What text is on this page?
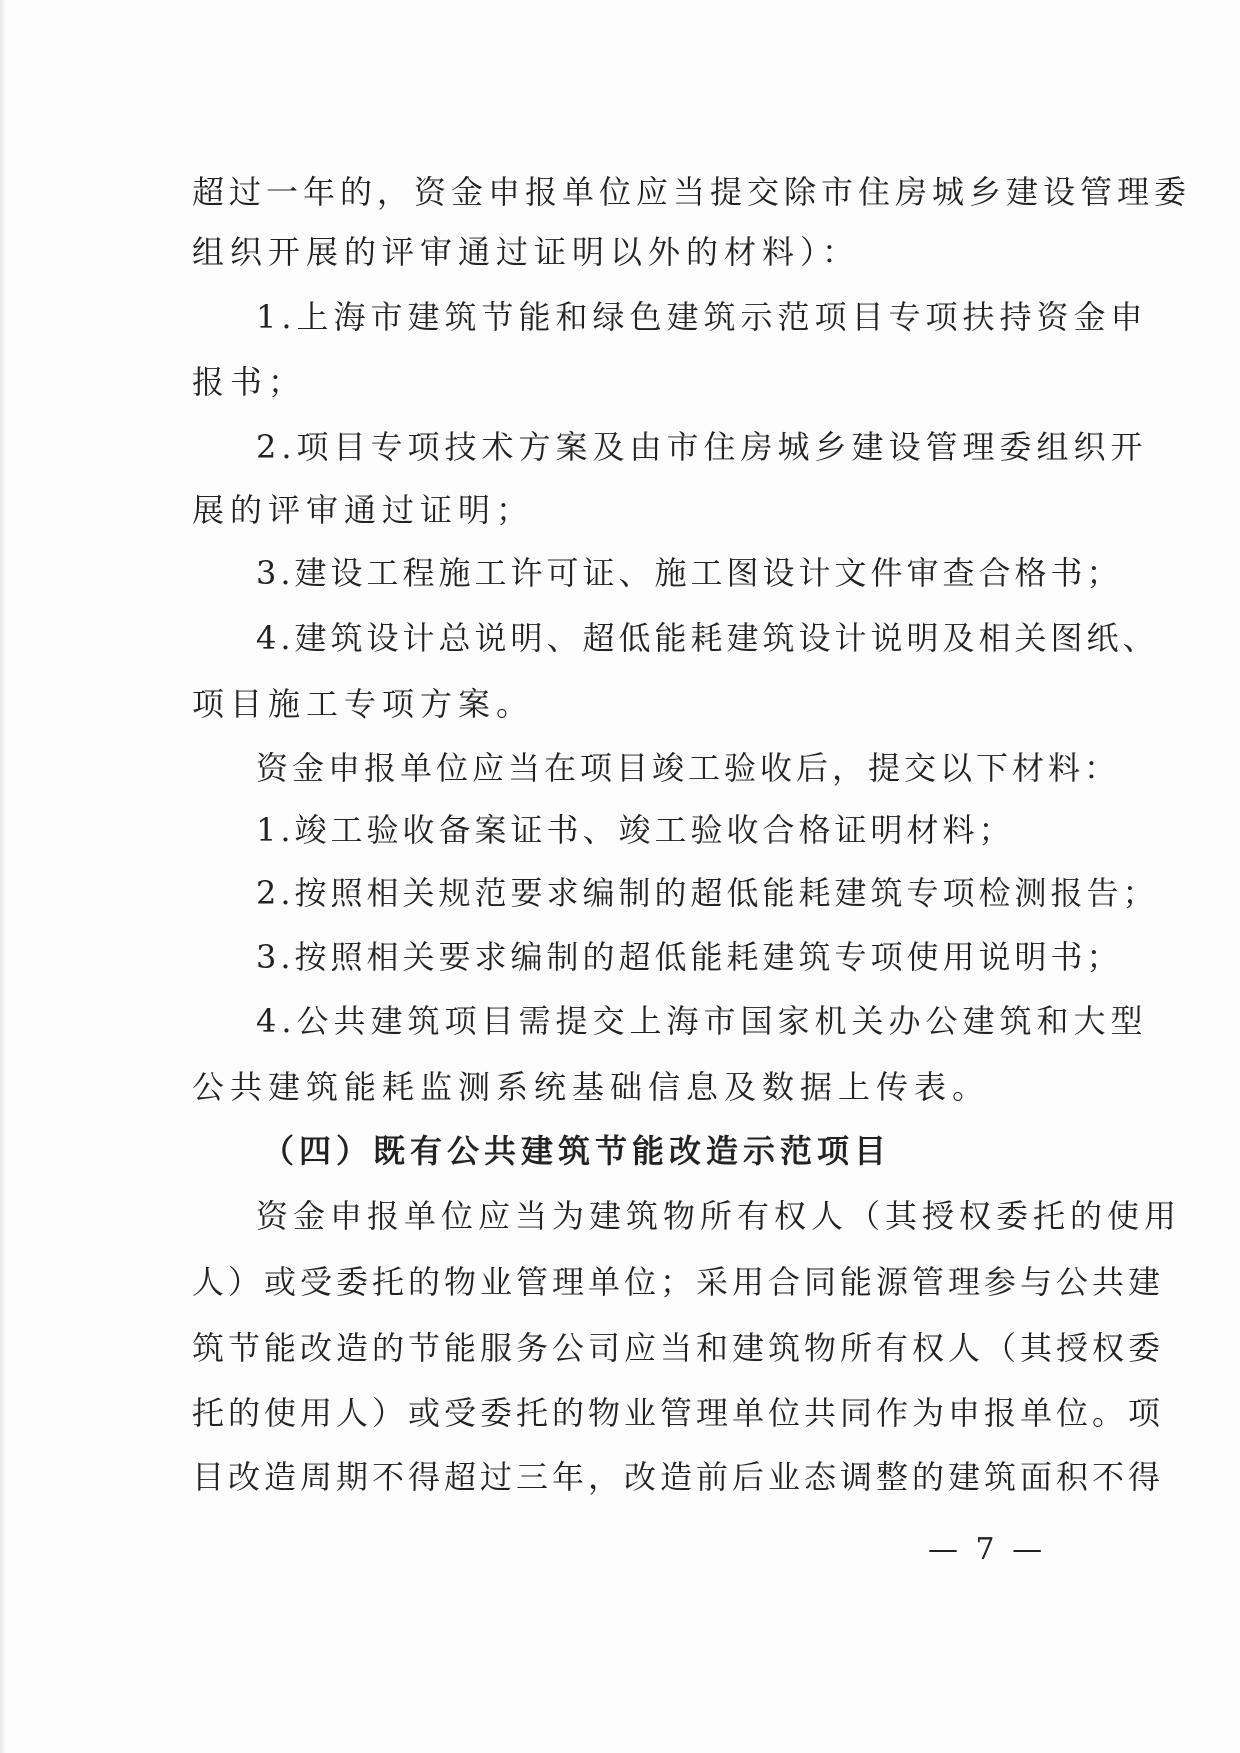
超过一年的，资金申报单位应当提交除市住房城乡建设管理委
组织开展的评审通过证明以外的材料）：
1.上海市建筑节能和绿色建筑示范项目专项扶持资金申
报书；
2.项目专项技术方案及由市住房城乡建设管理委组织开
展的评审通过证明；
3.建设工程施工许可证、施工图设计文件审查合格书；
4.建筑设计总说明、超低能耗建筑设计说明及相关图纸、
项目施工专项方案。
资金申报单位应当在项目竣工验收后，提交以下材料：
1.竣工验收备案证书、竣工验收合格证明材料；
2.按照相关规范要求编制的超低能耗建筑专项检测报告；
3.按照相关要求编制的超低能耗建筑专项使用说明书；
4.公共建筑项目需提交上海市国家机关办公建筑和大型
公共建筑能耗监测系统基础信息及数据上传表。
（四）既有公共建筑节能改造示范项目
资金申报单位应当为建筑物所有权人（其授权委托的使用
人）或受委托的物业管理单位；采用合同能源管理参与公共建
筑节能改造的节能服务公司应当和建筑物所有权人（其授权委
托的使用人）或受委托的物业管理单位共同作为申报单位。项
目改造周期不得超过三年，改造前后业态调整的建筑面积不得
— 7 —
